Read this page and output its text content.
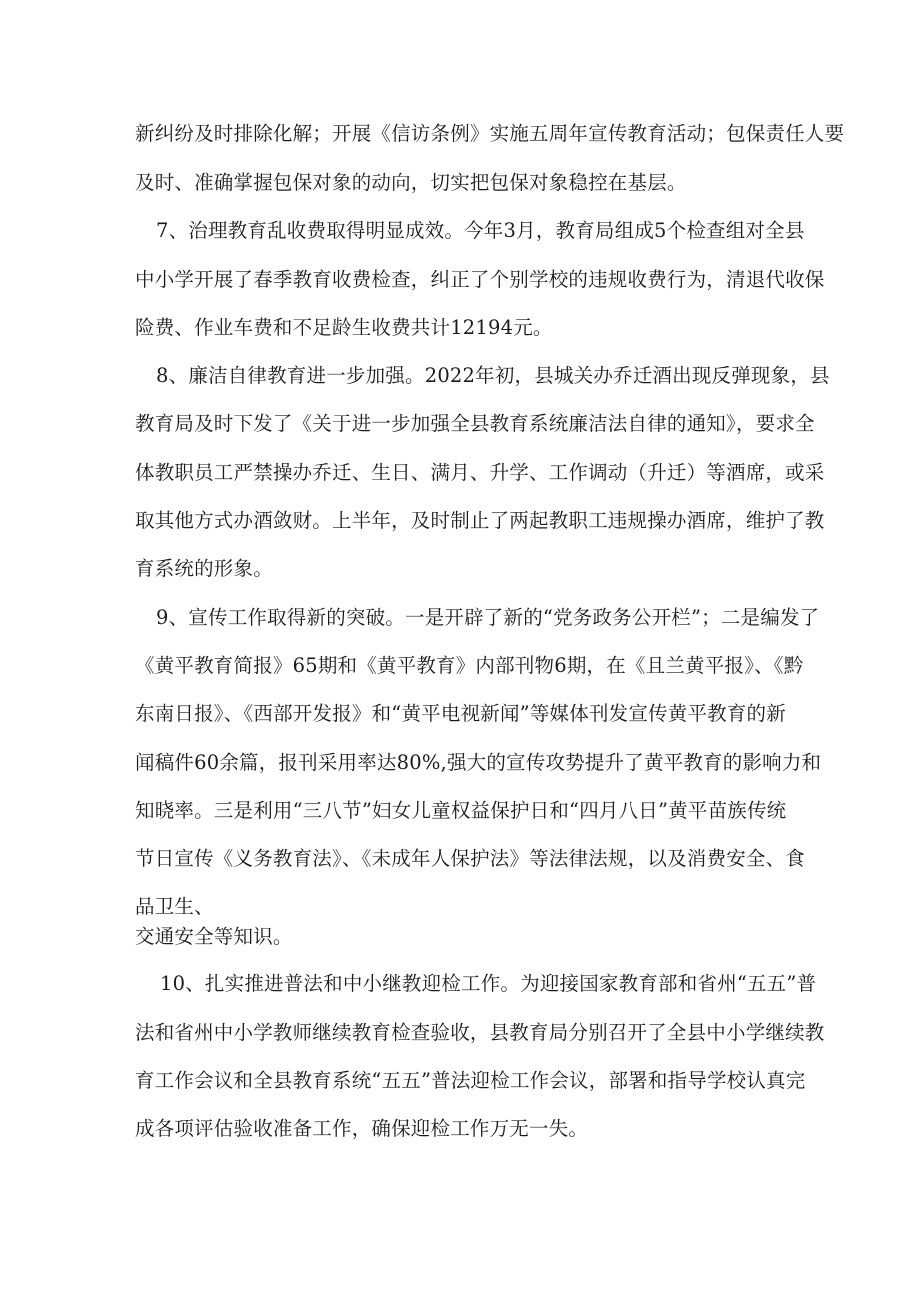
新纠纷及时排除化解；开展《信访条例》实施五周年宣传教育活动；包保责任人要
及时、准确掌握包保对象的动向，切实把包保对象稳控在基层。
7、治理教育乱收费取得明显成效。今年3月，教育局组成5个检查组对全县
中小学开展了春季教育收费检查，纠正了个别学校的违规收费行为，清退代收保
险费、作业车费和不足龄生收费共计12194元。
8、廉洁自律教育进一步加强。2022年初，县城关办乔迁酒出现反弹现象，县
教育局及时下发了《关于进一步加强全县教育系统廉洁法自律的通知》，要求全
体教职员工严禁操办乔迁、生日、满月、升学、工作调动（升迁）等酒席，或采
取其他方式办酒敛财。上半年，及时制止了两起教职工违规操办酒席，维护了教
育系统的形象。
9、宣传工作取得新的突破。一是开辟了新的“党务政务公开栏”；二是编发了
《黄平教育简报》65期和《黄平教育》内部刊物6期，在《且兰黄平报》、《黔
东南日报》、《西部开发报》和“黄平电视新闻”等媒体刊发宣传黄平教育的新
闻稿件60余篇，报刊采用率达80%,强大的宣传攻势提升了黄平教育的影响力和
知晓率。三是利用“三八节”妇女儿童权益保护日和“四月八日”黄平苗族传统
节日宣传《义务教育法》、《未成年人保护法》等法律法规，以及消费安全、食
品卫生、
交通安全等知识。
10、扎实推进普法和中小继教迎检工作。为迎接国家教育部和省州“五五”普
法和省州中小学教师继续教育检查验收，县教育局分别召开了全县中小学继续教
育工作会议和全县教育系统“五五”普法迎检工作会议，部署和指导学校认真完
成各项评估验收准备工作，确保迎检工作万无一失。
